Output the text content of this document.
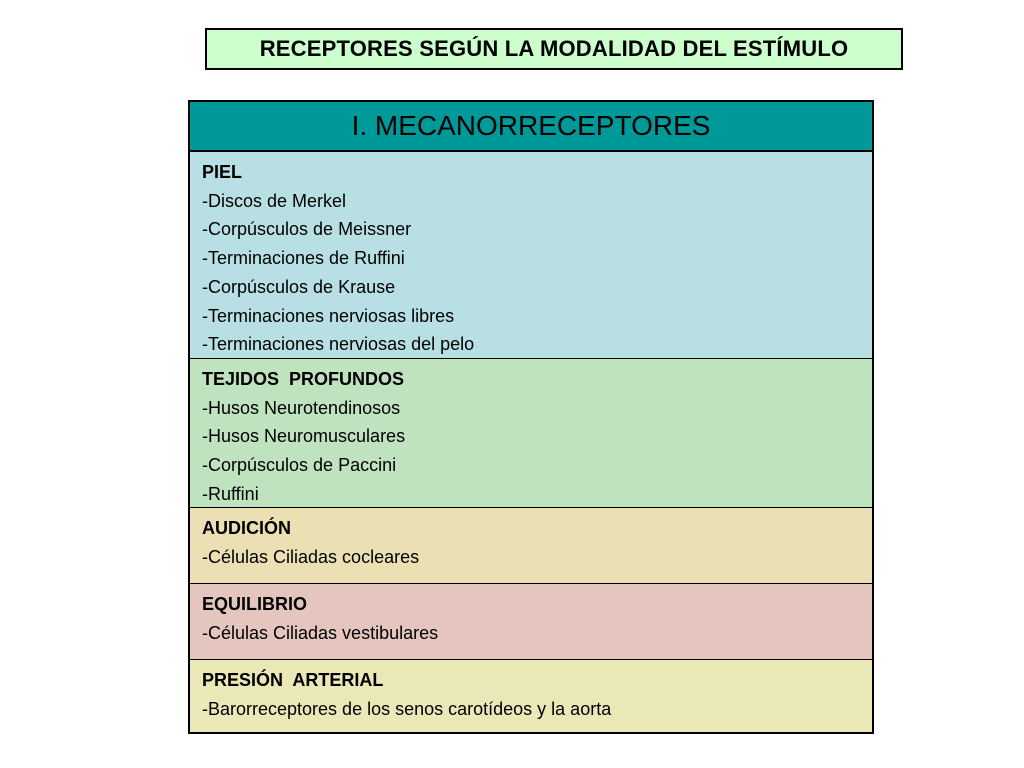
RECEPTORES SEGÚN LA MODALIDAD DEL ESTÍMULO
I. MECANORRECEPTORES
PIEL
-Discos de Merkel
-Corpúsculos de Meissner
-Terminaciones de Ruffini
-Corpúsculos de Krause
-Terminaciones nerviosas libres
-Terminaciones nerviosas del pelo
TEJIDOS  PROFUNDOS
-Husos Neurotendinosos
-Husos Neuromusculares
-Corpúsculos de Paccini
-Ruffini
AUDICIÓN
-Células Ciliadas cocleares
EQUILIBRIO
-Células Ciliadas vestibulares
PRESIÓN  ARTERIAL
-Barorreceptores de los senos carotídeos y la aorta
